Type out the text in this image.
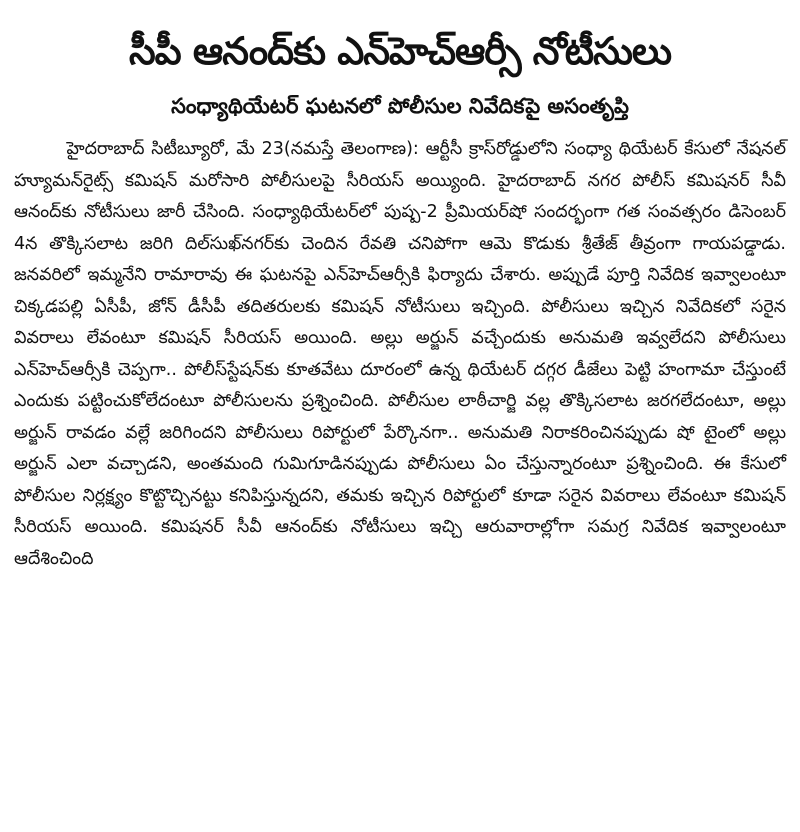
సీపీ ఆనంద్‌కు ఎన్‌హెచ్‌ఆర్సీ నోటీసులు
సంధ్యాథియేటర్ ఘటనలో పోలీసుల నివేదికపై అసంతృప్తి

హైదరాబాద్ సిటీబ్యూరో, మే 23(నమస్తే తెలంగాణ): ఆర్టీసీ క్రాస్‌రోడ్డులోని సంధ్యా థియేటర్ కేసులో నేషనల్ హ్యూమన్‌రైట్స్ కమిషన్ మరోసారి పోలీసులపై సీరియస్ అయ్యింది. హైదరాబాద్ నగర పోలీస్ కమిషనర్ సీవీ ఆనంద్‌కు నోటీసులు జారీ చేసింది. సంధ్యాథియేటర్‌లో పుష్ప-2 ప్రీమియర్‌షో సందర్భంగా గత సంవత్సరం డిసెంబర్ 4న తొక్కిసలాట జరిగి దిల్‌సుఖ్‌నగర్‌కు చెందిన రేవతి చనిపోగా ఆమె కొడుకు శ్రీతేజ్ తీవ్రంగా గాయపడ్డాడు. జనవరిలో ఇమ్మనేని రామారావు ఈ ఘటనపై ఎన్‌హెచ్‌ఆర్సీకి ఫిర్యాదు చేశారు. అప్పుడే పూర్తి నివేదిక ఇవ్వాలంటూ చిక్కడపల్లి ఏసీపీ, జోన్ డీసీపీ తదితరులకు కమిషన్ నోటీసులు ఇచ్చింది. పోలీసులు ఇచ్చిన నివేదికలో సరైన వివరాలు లేవంటూ కమిషన్ సీరియస్ అయింది. అల్లు అర్జున్ వచ్చేందుకు అనుమతి ఇవ్వలేదని పోలీసులు ఎన్‌హెచ్‌ఆర్సీకి చెప్పగా.. పోలీస్‌స్టేషన్‌కు కూతవేటు దూరంలో ఉన్న థియేటర్ దగ్గర డీజేలు పెట్టి హంగామా చేస్తుంటే ఎందుకు పట్టించుకోలేదంటూ పోలీసులను ప్రశ్నించింది. పోలీసుల లాఠీచార్జి వల్ల తొక్కిసలాట జరగలేదంటూ, అల్లు అర్జున్ రావడం వల్లే జరిగిందని పోలీసులు రిపోర్టులో పేర్కొనగా.. అనుమతి నిరాకరించినప్పుడు షో టైంలో అల్లు అర్జున్ ఎలా వచ్చాడని, అంతమంది గుమిగూడినప్పుడు పోలీసులు ఏం చేస్తున్నారంటూ ప్రశ్నించింది. ఈ కేసులో పోలీసుల నిర్లక్ష్యం కొట్టొచ్చినట్టు కనిపిస్తున్నదని, తమకు ఇచ్చిన రిపోర్టులో కూడా సరైన వివరాలు లేవంటూ కమిషన్ సీరియస్ అయింది. కమిషనర్ సీవీ ఆనంద్‌కు నోటీసులు ఇచ్చి ఆరువారాల్లోగా సమగ్ర నివేదిక ఇవ్వాలంటూ ఆదేశించింది
